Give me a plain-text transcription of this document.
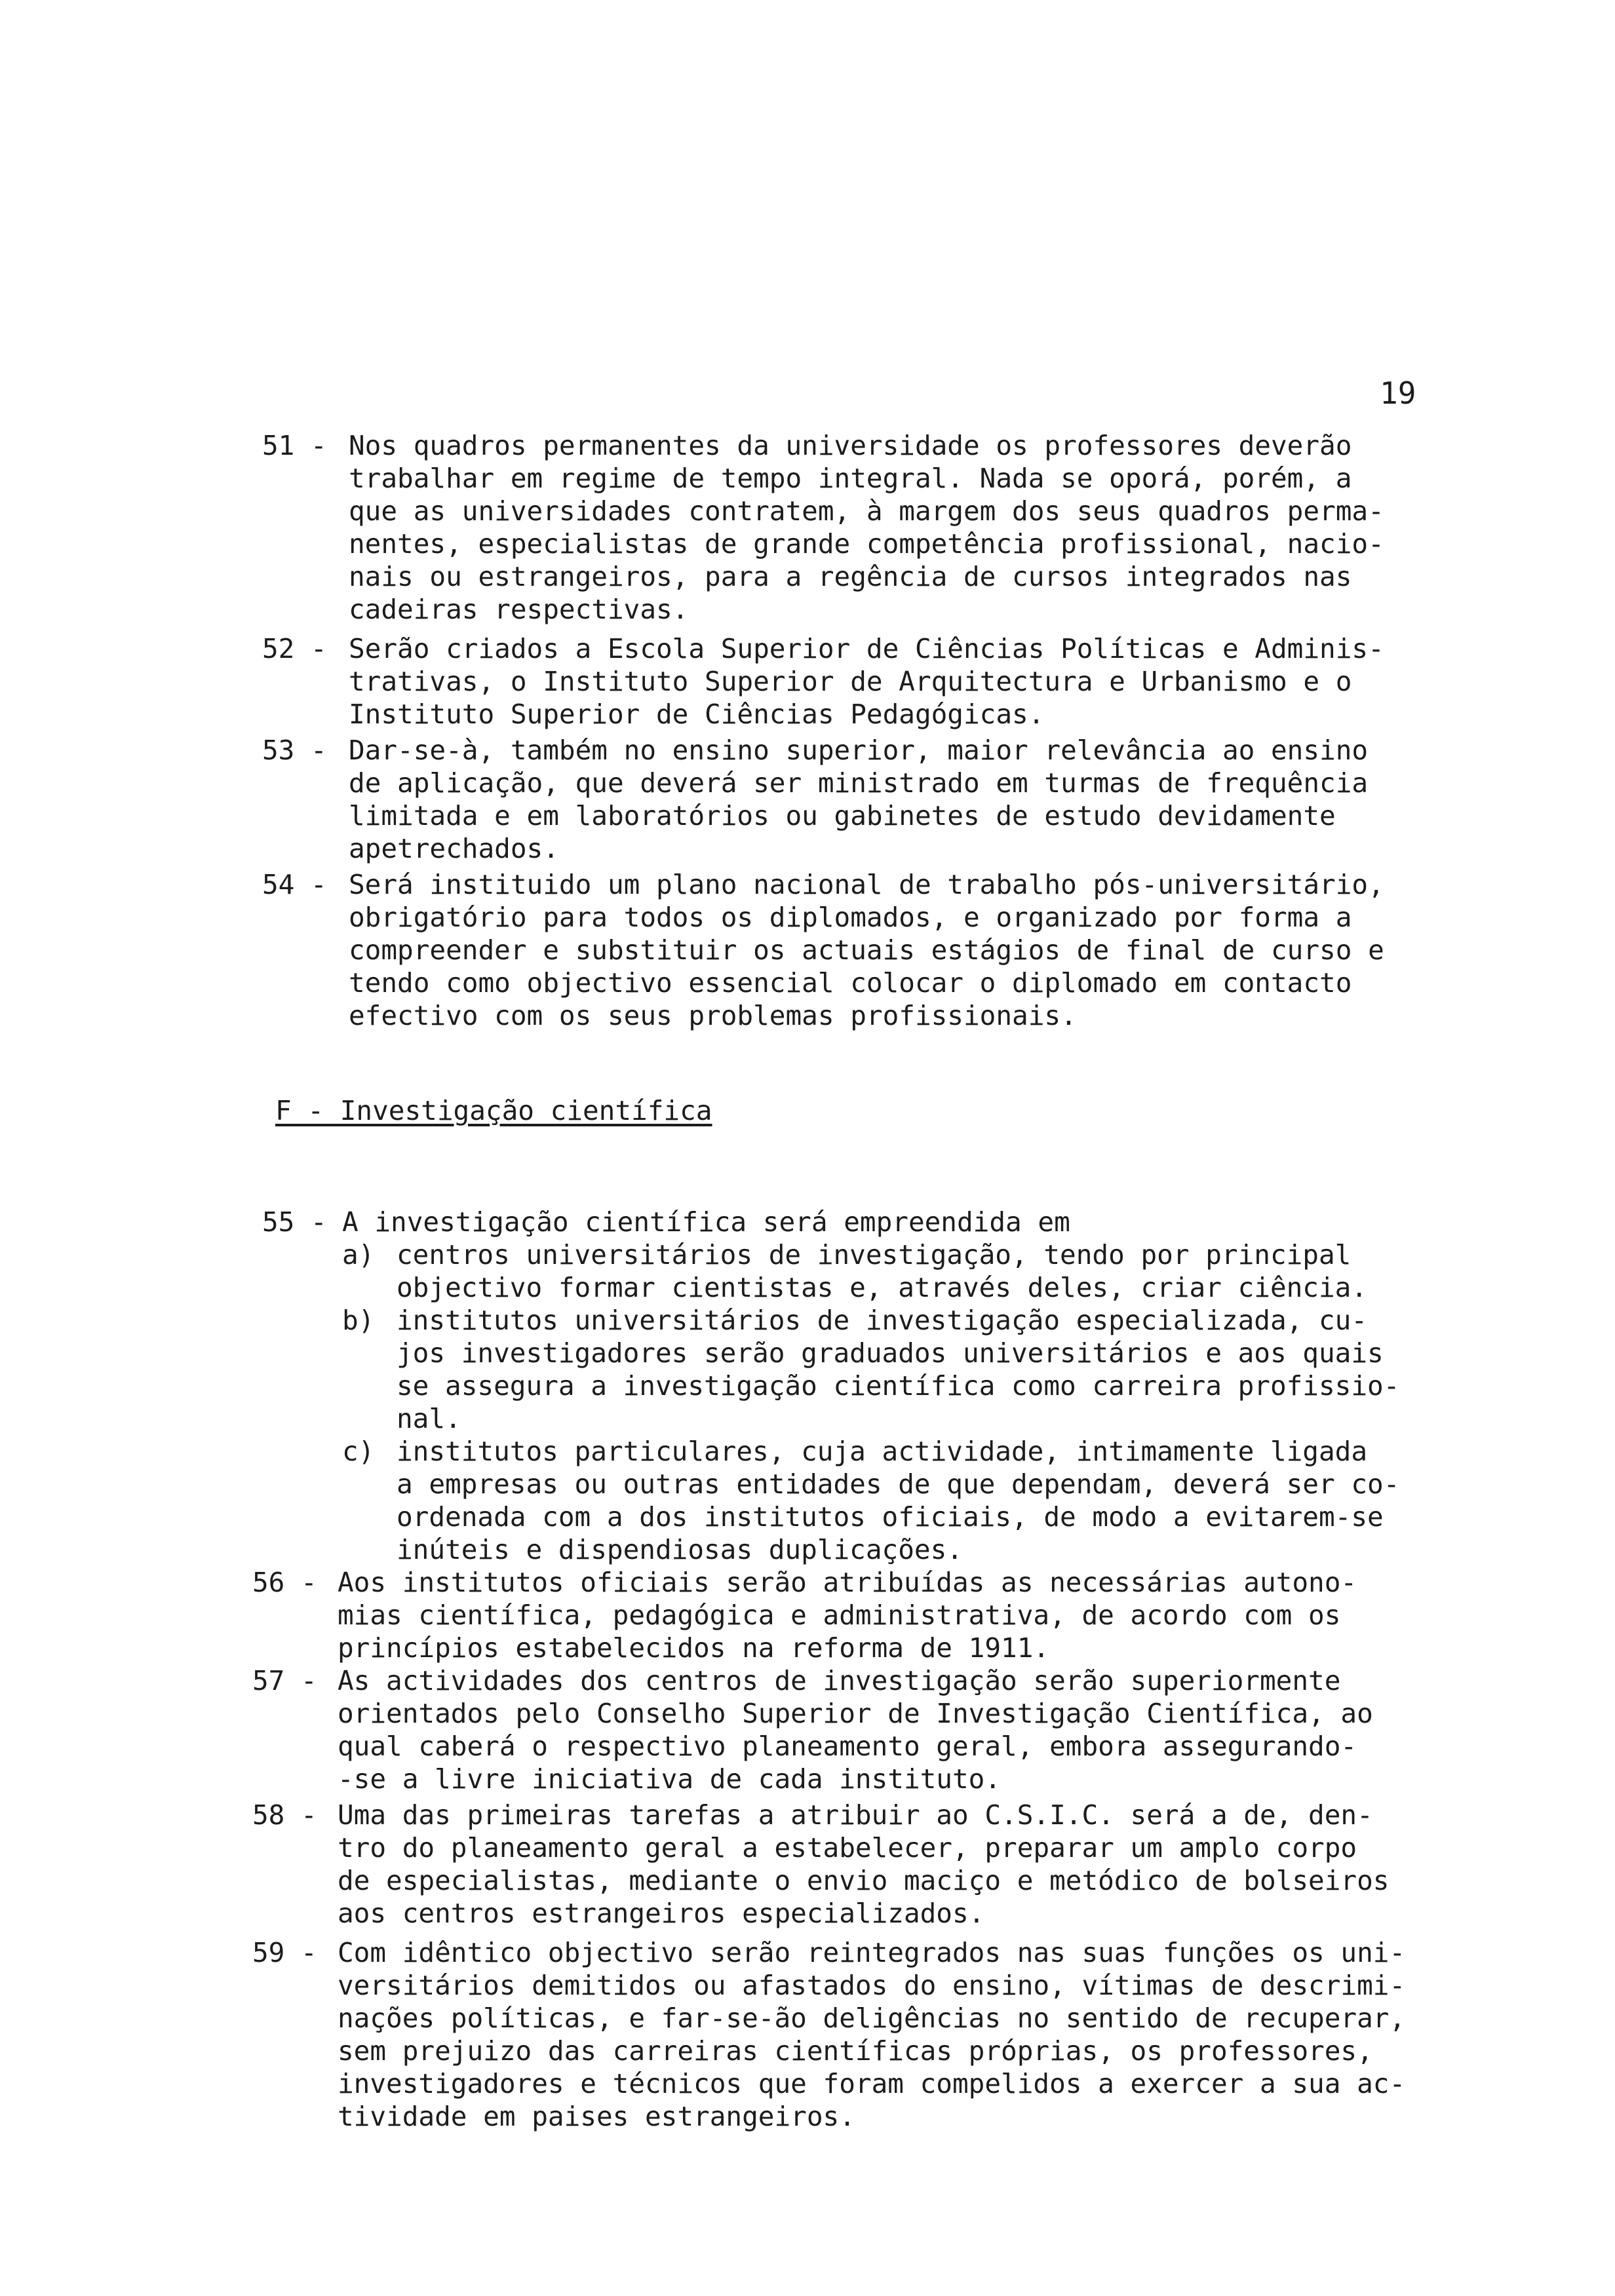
19
51 - Nos quadros permanentes da universidade os professores deverão
trabalhar em regime de tempo integral. Nada se oporá, porém, a
que as universidades contratem, à margem dos seus quadros perma-
nentes, especialistas de grande competência profissional, nacio-
nais ou estrangeiros, para a regência de cursos integrados nas
cadeiras respectivas.
52 - Serão criados a Escola Superior de Ciências Políticas e Adminis-
trativas, o Instituto Superior de Arquitectura e Urbanismo e o
Instituto Superior de Ciências Pedagógicas.
53 - Dar-se-à, também no ensino superior, maior relevância ao ensino
de aplicação, que deverá ser ministrado em turmas de frequência
limitada e em laboratórios ou gabinetes de estudo devidamente
apetrechados.
54 - Será instituido um plano nacional de trabalho pós-universitário,
obrigatório para todos os diplomados, e organizado por forma a
compreender e substituir os actuais estágios de final de curso e
tendo como objectivo essencial colocar o diplomado em contacto
efectivo com os seus problemas profissionais.
F - Investigação científica
55 - A investigação científica será empreendida em
a) centros universitários de investigação, tendo por principal
objectivo formar cientistas e, através deles, criar ciência.
b) institutos universitários de investigação especializada, cu-
jos investigadores serão graduados universitários e aos quais
se assegura a investigação científica como carreira profissio-
nal.
c) institutos particulares, cuja actividade, intimamente ligada
a empresas ou outras entidades de que dependam, deverá ser co-
ordenada com a dos institutos oficiais, de modo a evitarem-se
inúteis e dispendiosas duplicações.
56 - Aos institutos oficiais serão atribuídas as necessárias autono-
mias científica, pedagógica e administrativa, de acordo com os
princípios estabelecidos na reforma de 1911.
57 - As actividades dos centros de investigação serão superiormente
orientados pelo Conselho Superior de Investigação Científica, ao
qual caberá o respectivo planeamento geral, embora assegurando-
-se a livre iniciativa de cada instituto.
58 - Uma das primeiras tarefas a atribuir ao C.S.I.C. será a de, den-
tro do planeamento geral a estabelecer, preparar um amplo corpo
de especialistas, mediante o envio maciço e metódico de bolseiros
aos centros estrangeiros especializados.
59 - Com idêntico objectivo serão reintegrados nas suas funções os uni-
versitários demitidos ou afastados do ensino, vítimas de descrimi-
nações políticas, e far-se-ão deligências no sentido de recuperar,
sem prejuizo das carreiras científicas próprias, os professores,
investigadores e técnicos que foram compelidos a exercer a sua ac-
tividade em paises estrangeiros.
